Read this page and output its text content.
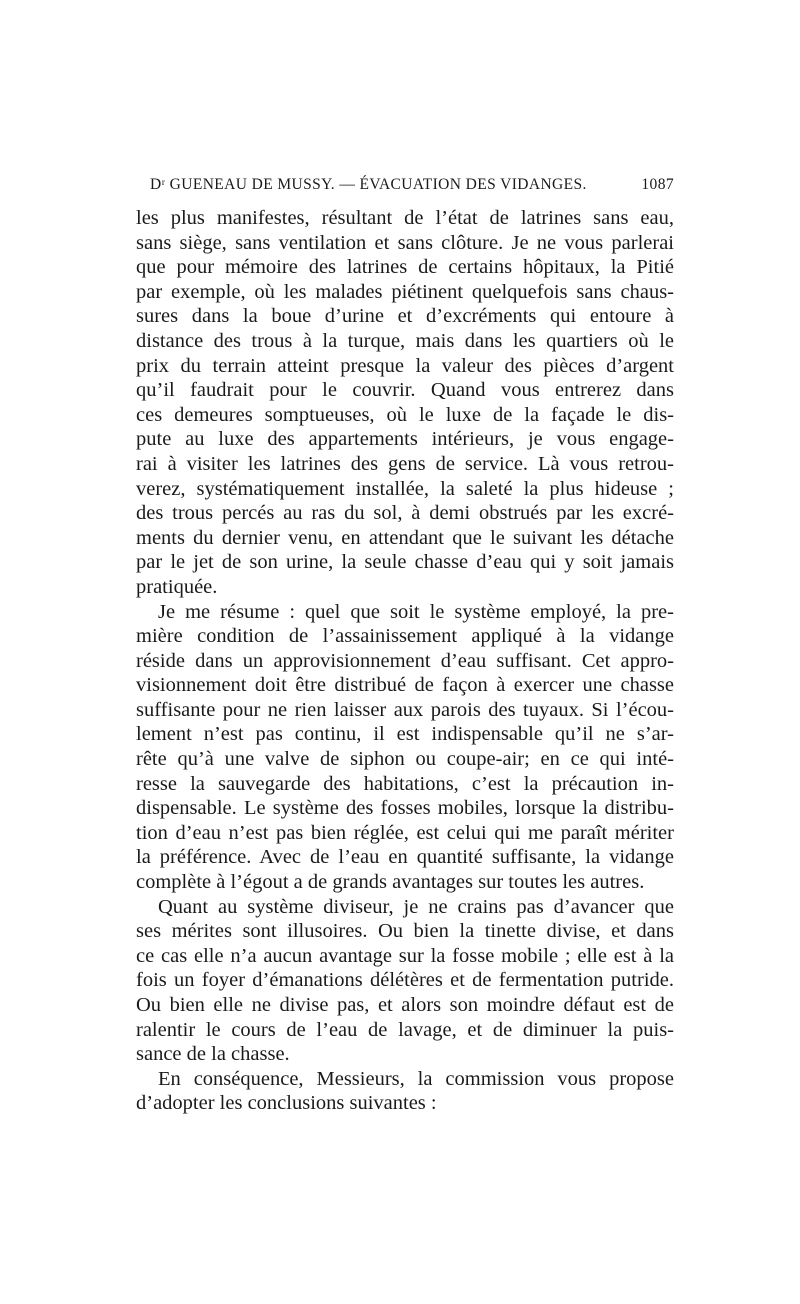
Dʳ GUENEAU DE MUSSY. — ÉVACUATION DES VIDANGES.	1087
les plus manifestes, résultant de l’état de latrines sans eau,
sans siège, sans ventilation et sans clôture. Je ne vous parlerai
que pour mémoire des latrines de certains hôpitaux, la Pitié
par exemple, où les malades piétinent quelquefois sans chaus-
sures dans la boue d’urine et d’excréments qui entoure à
distance des trous à la turque, mais dans les quartiers où le
prix du terrain atteint presque la valeur des pièces d’argent
qu’il faudrait pour le couvrir. Quand vous entrerez dans
ces demeures somptueuses, où le luxe de la façade le dis-
pute au luxe des appartements intérieurs, je vous engage-
rai à visiter les latrines des gens de service. Là vous retrou-
verez, systématiquement installée, la saleté la plus hideuse ;
des trous percés au ras du sol, à demi obstrués par les excré-
ments du dernier venu, en attendant que le suivant les détache
par le jet de son urine, la seule chasse d’eau qui y soit jamais
pratiquée.
Je me résume : quel que soit le système employé, la pre-
mière condition de l’assainissement appliqué à la vidange
réside dans un approvisionnement d’eau suffisant. Cet appro-
visionnement doit être distribué de façon à exercer une chasse
suffisante pour ne rien laisser aux parois des tuyaux. Si l’écou-
lement n’est pas continu, il est indispensable qu’il ne s’ar-
rête qu’à une valve de siphon ou coupe-air; en ce qui inté-
resse la sauvegarde des habitations, c’est la précaution in-
dispensable. Le système des fosses mobiles, lorsque la distribu-
tion d’eau n’est pas bien réglée, est celui qui me paraît mériter
la préférence. Avec de l’eau en quantité suffisante, la vidange
complète à l’égout a de grands avantages sur toutes les autres.
Quant au système diviseur, je ne crains pas d’avancer que
ses mérites sont illusoires. Ou bien la tinette divise, et dans
ce cas elle n’a aucun avantage sur la fosse mobile ; elle est à la
fois un foyer d’émanations délétères et de fermentation putride.
Ou bien elle ne divise pas, et alors son moindre défaut est de
ralentir le cours de l’eau de lavage, et de diminuer la puis-
sance de la chasse.
En conséquence, Messieurs, la commission vous propose
d’adopter les conclusions suivantes :
